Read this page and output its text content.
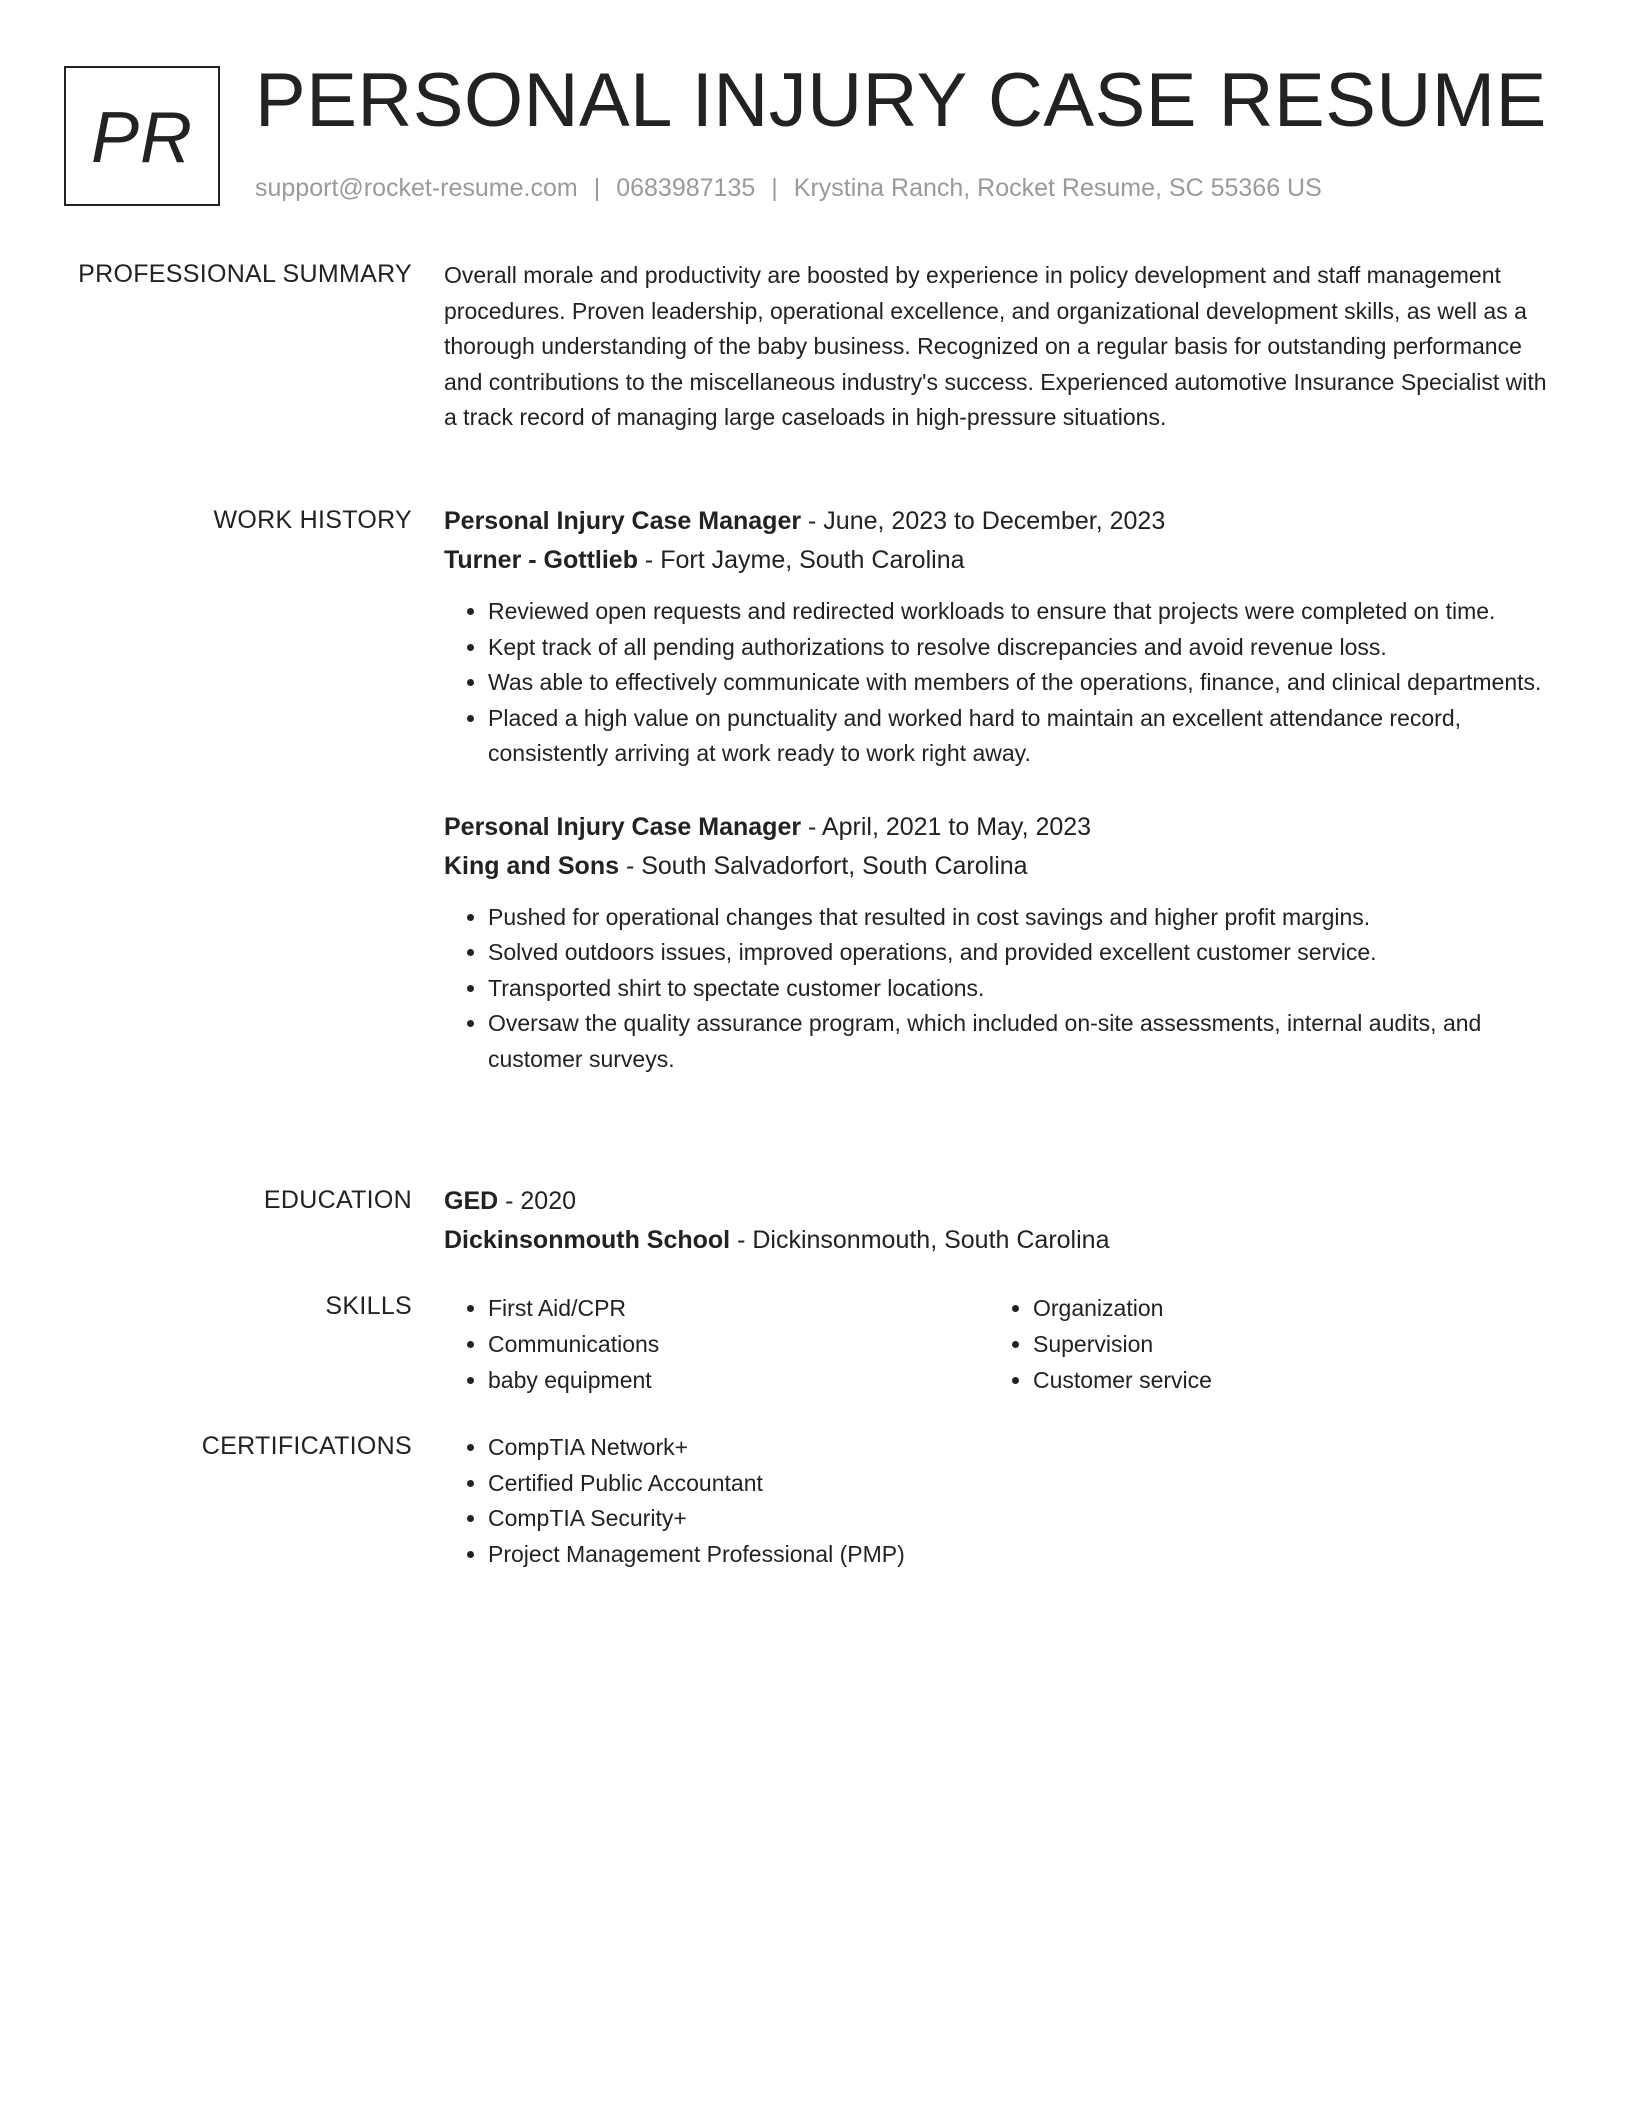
PR PERSONAL INJURY CASE RESUME
support@rocket-resume.com | 0683987135 | Krystina Ranch, Rocket Resume, SC 55366 US
PROFESSIONAL SUMMARY Overall morale and productivity are boosted by experience in policy development and staff management procedures. Proven leadership, operational excellence, and organizational development skills, as well as a thorough understanding of the baby business. Recognized on a regular basis for outstanding performance and contributions to the miscellaneous industry's success. Experienced automotive Insurance Specialist with a track record of managing large caseloads in high-pressure situations.

WORK HISTORY Personal Injury Case Manager - June, 2023 to December, 2023
Turner - Gottlieb - Fort Jayme, South Carolina
• Reviewed open requests and redirected workloads to ensure that projects were completed on time.
• Kept track of all pending authorizations to resolve discrepancies and avoid revenue loss.
• Was able to effectively communicate with members of the operations, finance, and clinical departments.
• Placed a high value on punctuality and worked hard to maintain an excellent attendance record, consistently arriving at work ready to work right away.
Personal Injury Case Manager - April, 2021 to May, 2023
King and Sons - South Salvadorfort, South Carolina
• Pushed for operational changes that resulted in cost savings and higher profit margins.
• Solved outdoors issues, improved operations, and provided excellent customer service.
• Transported shirt to spectate customer locations.
• Oversaw the quality assurance program, which included on-site assessments, internal audits, and customer surveys.
EDUCATION GED - 2020
Dickinsonmouth School - Dickinsonmouth, South Carolina
SKILLS	• First Aid/CPR
• Communications
• baby equipment
• Organization
• Supervision
• Customer service
CERTIFICATIONS	• CompTIA Network+
• Certified Public Accountant
• CompTIA Security+
• Project Management Professional (PMP)
